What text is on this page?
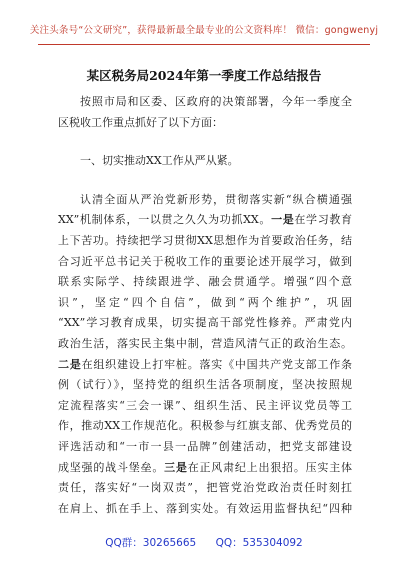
关注头条号“公文研究”，获得最新最全最专业的公文资料库！ 微信：gongwenyj
某区税务局2024年第一季度工作总结报告

按照市局和区委、区政府的决策部署，今年一季度全
区税收工作重点抓好了以下方面：

一、切实推动XX工作从严从紧。

认清全面从严治党新形势，贯彻落实新“纵合横通强
XX”机制体系，一以贯之久久为功抓XX。一是在学习教育
上下苦功。持续把学习贯彻XX思想作为首要政治任务，结
合习近平总书记关于税收工作的重要论述开展学习，做到
联系实际学、持续跟进学、融会贯通学。增强“四个意
识”，坚定“四个自信”，做到“两个维护”，巩固
“XX”学习教育成果，切实提高干部党性修养。严肃党内
政治生活，落实民主集中制，营造风清气正的政治生态。
二是在组织建设上打牢桩。落实《中国共产党支部工作条
例（试行）》，坚持党的组织生活各项制度，坚决按照规
定流程落实“三会一课”、组织生活、民主评议党员等工
作，推动XX工作规范化。积极参与红旗支部、优秀党员的
评选活动和“一市一县一品牌”创建活动，把党支部建设
成坚强的战斗堡垒。三是在正风肃纪上出狠招。压实主体
责任，落实好“一岗双责”，把管党治党政治责任时刻扛
在肩上、抓在手上、落到实处。有效运用监督执纪“四种

QQ群：30265665 QQ：535304092
